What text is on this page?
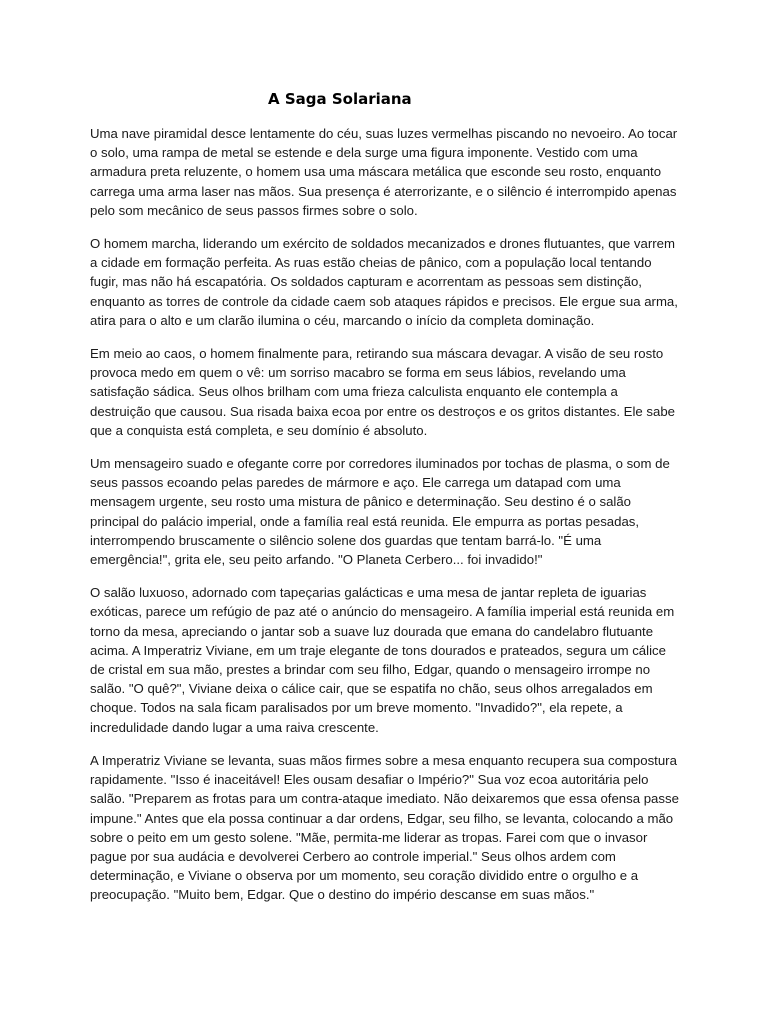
A Saga Solariana

Uma nave piramidal desce lentamente do céu, suas luzes vermelhas piscando no nevoeiro. Ao tocar o solo, uma rampa de metal se estende e dela surge uma figura imponente. Vestido com uma armadura preta reluzente, o homem usa uma máscara metálica que esconde seu rosto, enquanto carrega uma arma laser nas mãos. Sua presença é aterrorizante, e o silêncio é interrompido apenas pelo som mecânico de seus passos firmes sobre o solo.

O homem marcha, liderando um exército de soldados mecanizados e drones flutuantes, que varrem a cidade em formação perfeita. As ruas estão cheias de pânico, com a população local tentando fugir, mas não há escapatória. Os soldados capturam e acorrentam as pessoas sem distinção, enquanto as torres de controle da cidade caem sob ataques rápidos e precisos. Ele ergue sua arma, atira para o alto e um clarão ilumina o céu, marcando o início da completa dominação.

Em meio ao caos, o homem finalmente para, retirando sua máscara devagar. A visão de seu rosto provoca medo em quem o vê: um sorriso macabro se forma em seus lábios, revelando uma satisfação sádica. Seus olhos brilham com uma frieza calculista enquanto ele contempla a destruição que causou. Sua risada baixa ecoa por entre os destroços e os gritos distantes. Ele sabe que a conquista está completa, e seu domínio é absoluto.

Um mensageiro suado e ofegante corre por corredores iluminados por tochas de plasma, o som de seus passos ecoando pelas paredes de mármore e aço. Ele carrega um datapad com uma mensagem urgente, seu rosto uma mistura de pânico e determinação. Seu destino é o salão principal do palácio imperial, onde a família real está reunida. Ele empurra as portas pesadas, interrompendo bruscamente o silêncio solene dos guardas que tentam barrá-lo. "É uma emergência!", grita ele, seu peito arfando. "O Planeta Cerbero... foi invadido!"

O salão luxuoso, adornado com tapeçarias galácticas e uma mesa de jantar repleta de iguarias exóticas, parece um refúgio de paz até o anúncio do mensageiro. A família imperial está reunida em torno da mesa, apreciando o jantar sob a suave luz dourada que emana do candelabro flutuante acima. A Imperatriz Viviane, em um traje elegante de tons dourados e prateados, segura um cálice de cristal em sua mão, prestes a brindar com seu filho, Edgar, quando o mensageiro irrompe no salão. "O quê?", Viviane deixa o cálice cair, que se espatifa no chão, seus olhos arregalados em choque. Todos na sala ficam paralisados por um breve momento. "Invadido?", ela repete, a incredulidade dando lugar a uma raiva crescente.

A Imperatriz Viviane se levanta, suas mãos firmes sobre a mesa enquanto recupera sua compostura rapidamente. "Isso é inaceitável! Eles ousam desafiar o Império?" Sua voz ecoa autoritária pelo salão. "Preparem as frotas para um contra-ataque imediato. Não deixaremos que essa ofensa passe impune." Antes que ela possa continuar a dar ordens, Edgar, seu filho, se levanta, colocando a mão sobre o peito em um gesto solene. "Mãe, permita-me liderar as tropas. Farei com que o invasor pague por sua audácia e devolverei Cerbero ao controle imperial." Seus olhos ardem com determinação, e Viviane o observa por um momento, seu coração dividido entre o orgulho e a preocupação. "Muito bem, Edgar. Que o destino do império descanse em suas mãos."
